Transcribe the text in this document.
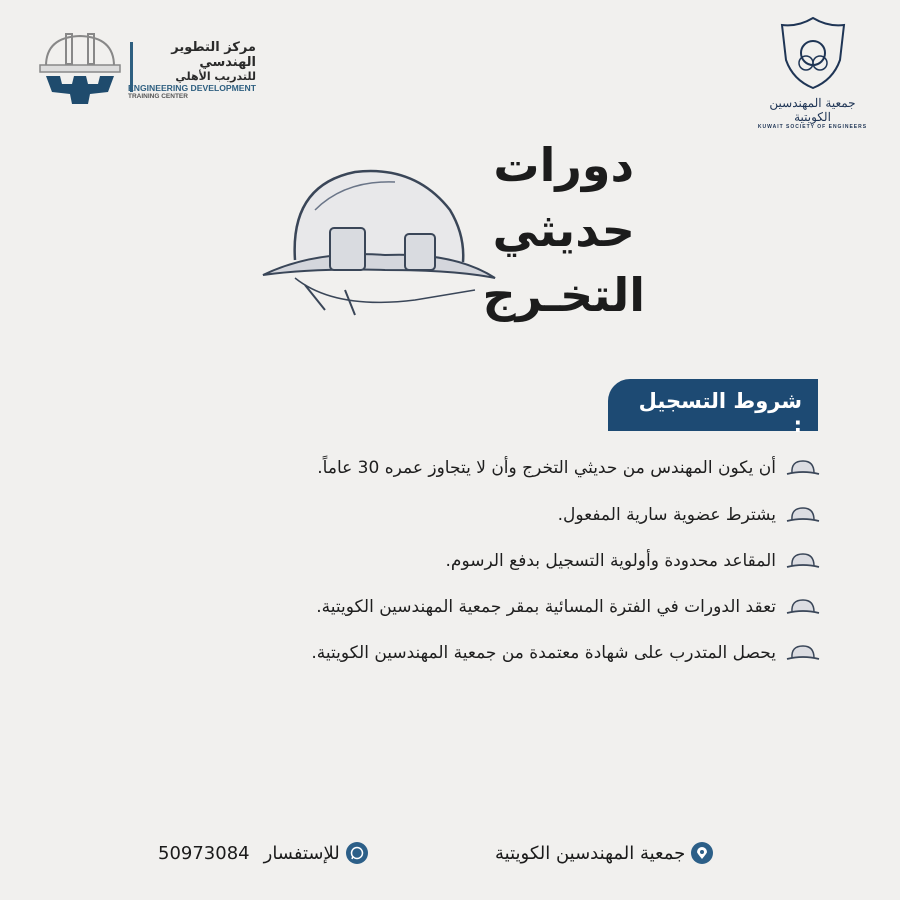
مركز التطوير الهندسي
للتدريب الأهلي
ENGINEERING DEVELOPMENT
TRAINING CENTER	جمعية المهندسين الكويتية
KUWAIT SOCIETY OF ENGINEERS
دورات
حديثي
التخـرج
شروط التسجيل :
أن يكون المهندس من حديثي التخرج وأن لا يتجاوز عمره 30 عاماً.
يشترط عضوية سارية المفعول.
المقاعد محدودة وأولوية التسجيل بدفع الرسوم.
تعقد الدورات في الفترة المسائية بمقر جمعية المهندسين الكويتية.
يحصل المتدرب على شهادة معتمدة من جمعية المهندسين الكويتية.
جمعية المهندسين الكويتية
للإستفسار
50973084
